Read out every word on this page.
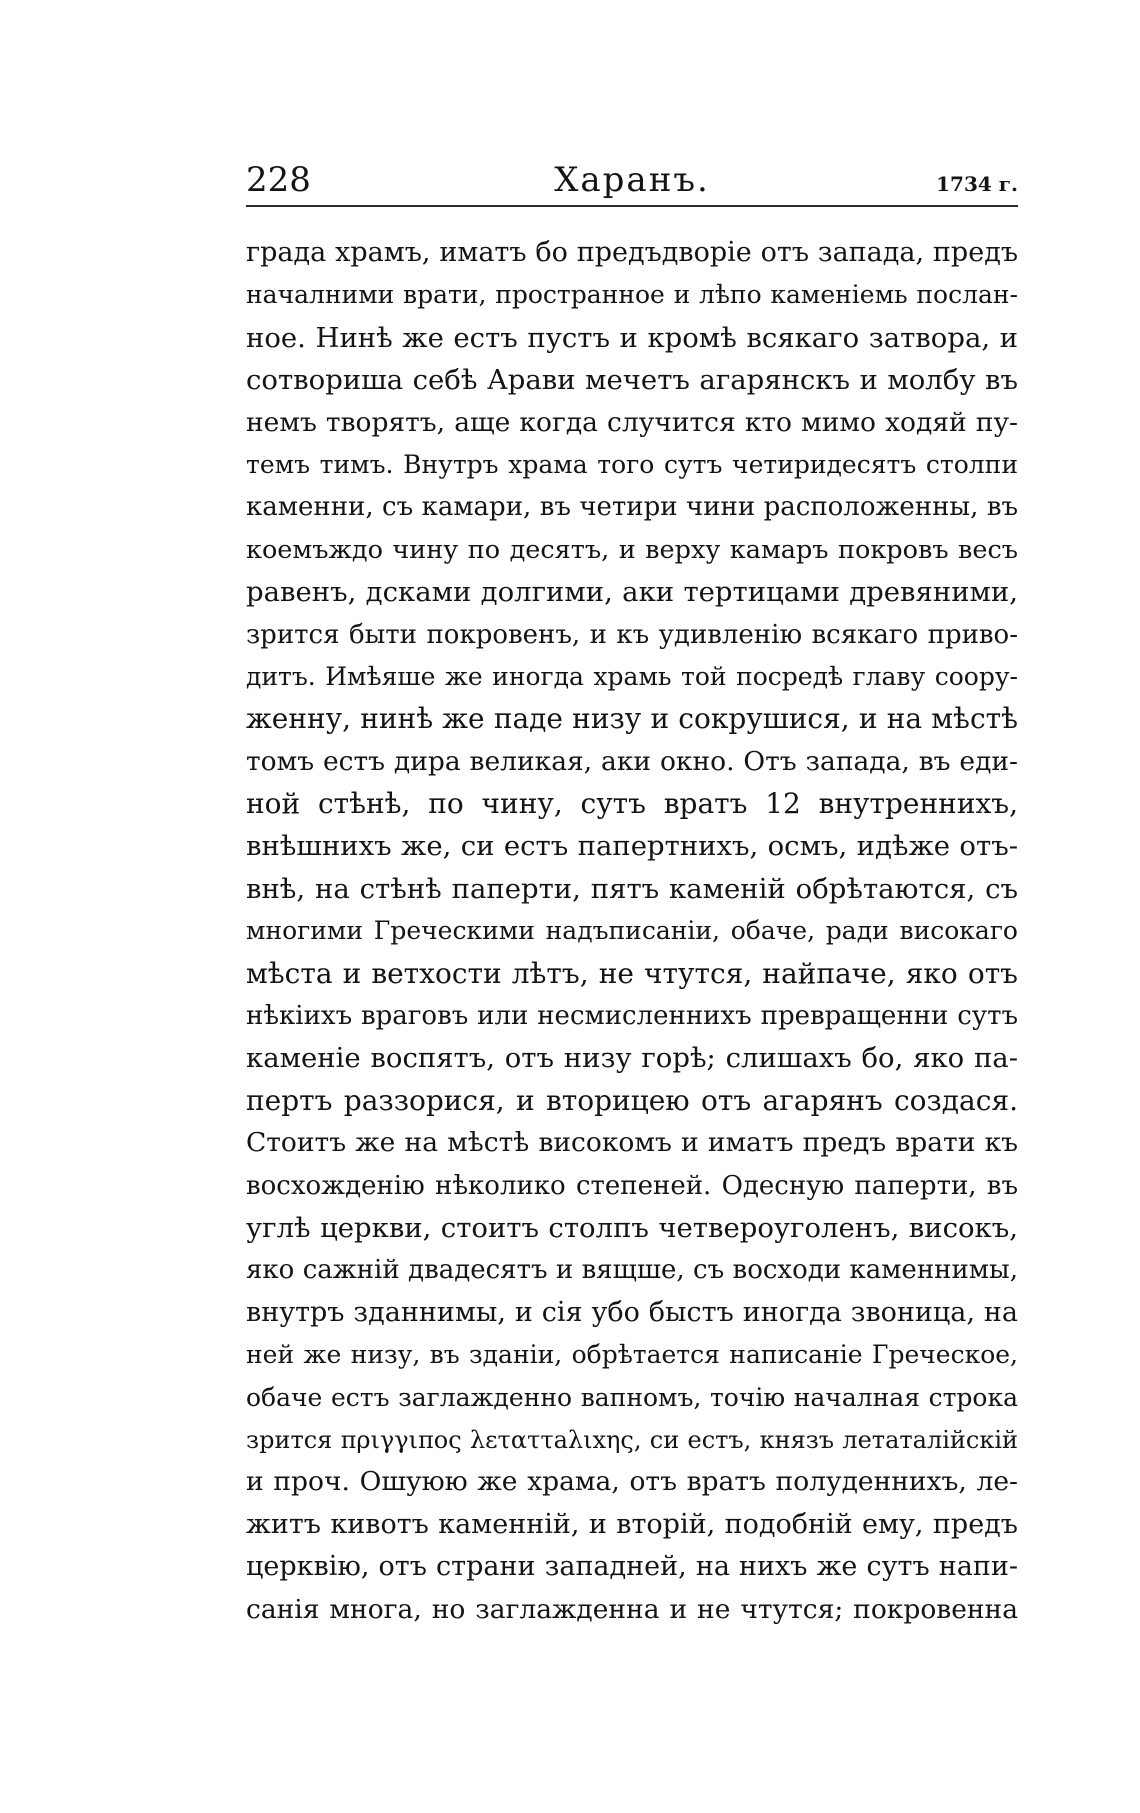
228	Харанъ.	1734 г.
града храмъ, иматъ бо предъдворіе отъ запада, предъ
началними врати, пространное и лѣпо каменіемь послан-
ное. Нинѣ же естъ пустъ и кромѣ всякаго затвора, и
сотвориша себѣ Арави мечетъ агарянскъ и молбу въ
немъ творятъ, аще когда случится кто мимо ходяй пу-
темъ тимъ. Внутръ храма того сутъ четиридесятъ столпи
каменни, съ камари, въ четири чини расположенны, въ
коемъждо чину по десятъ, и верху камаръ покровъ весъ
равенъ, дсками долгими, аки тертицами древяними,
зрится быти покровенъ, и къ удивленію всякаго приво-
дитъ. Имѣяше же иногда храмь той посредѣ главу соору-
женну, нинѣ же паде низу и сокрушися, и на мѣстѣ
томъ естъ дира великая, аки окно. Отъ запада, въ еди-
ной стѣнѣ, по чину, сутъ вратъ 12 внутреннихъ,
внѣшнихъ же, си естъ папертнихъ, осмъ, идѣже отъ-
внѣ, на стѣнѣ паперти, пятъ каменій обрѣтаются, съ
многими Греческими надъписаніи, обаче, ради високаго
мѣста и ветхости лѣтъ, не чтутся, найпаче, яко отъ
нѣкіихъ враговъ или несмисленнихъ превращенни сутъ
каменіе воспятъ, отъ низу горѣ; слишахъ бо, яко па-
пертъ раззорися, и вторицею отъ агарянъ создася.
Стоитъ же на мѣстѣ високомъ и иматъ предъ врати къ
восхожденію нѣколико степеней. Одесную паперти, въ
углѣ церкви, стоитъ столпъ четвероуголенъ, високъ,
яко сажній двадесятъ и вящше, съ восходи каменнимы,
внутръ зданнимы, и сія убо быстъ иногда звоница, на
ней же низу, въ зданіи, обрѣтается написаніе Греческое,
обаче естъ заглажденно вапномъ, точію началная строка
зрится πριγγιπος λεταττaλιxης, си естъ, князъ летаталійскій
и проч. Ошуюю же храма, отъ вратъ полуденнихъ, ле-
житъ кивотъ каменній, и вторій, подобній ему, предъ
церквію, отъ страни западней, на нихъ же сутъ напи-
санія многа, но заглажденна и не чтутся; покровенна
